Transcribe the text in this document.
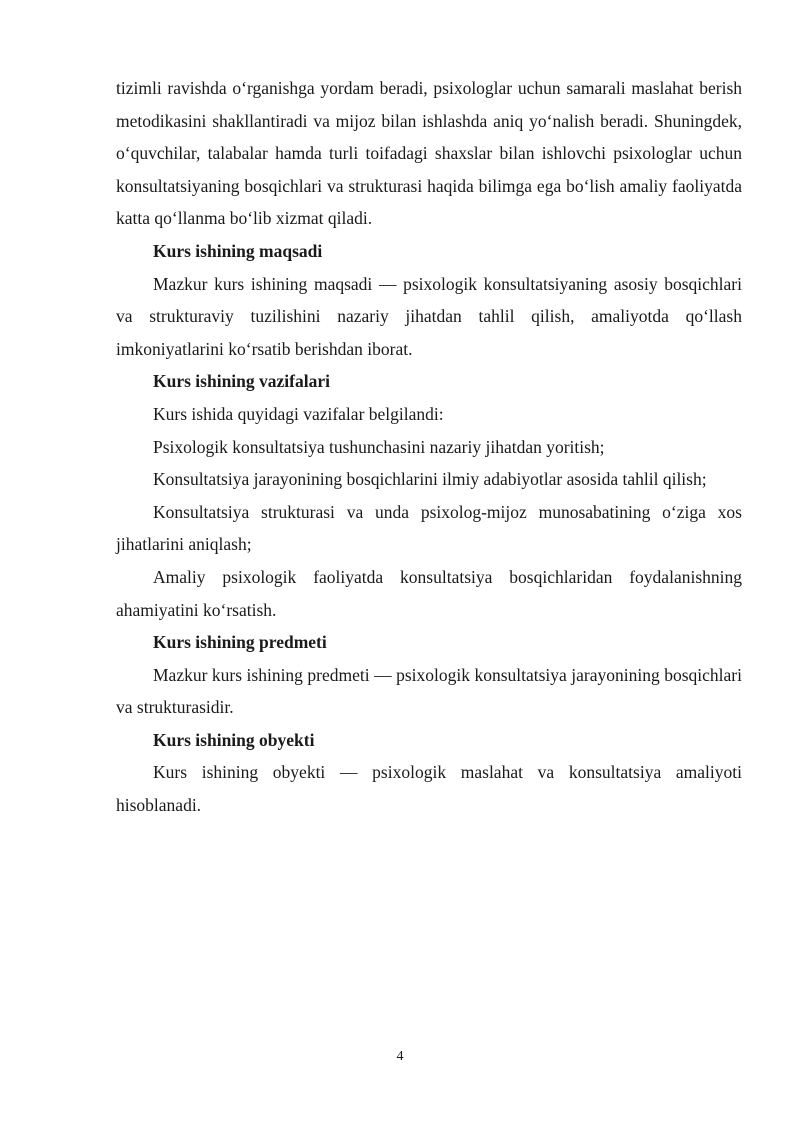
tizimli ravishda o‘rganishga yordam beradi, psixologlar uchun samarali maslahat berish metodikasini shakllantiradi va mijoz bilan ishlashda aniq yo‘nalish beradi. Shuningdek, o‘quvchilar, talabalar hamda turli toifadagi shaxslar bilan ishlovchi psixologlar uchun konsultatsiyaning bosqichlari va strukturasi haqida bilimga ega bo‘lish amaliy faoliyatda katta qo‘llanma bo‘lib xizmat qiladi.

Kurs ishining maqsadi

Mazkur kurs ishining maqsadi — psixologik konsultatsiyaning asosiy bosqichlari va strukturaviy tuzilishini nazariy jihatdan tahlil qilish, amaliyotda qo‘llash imkoniyatlarini ko‘rsatib berishdan iborat.

Kurs ishining vazifalari

Kurs ishida quyidagi vazifalar belgilandi:

Psixologik konsultatsiya tushunchasini nazariy jihatdan yoritish;

Konsultatsiya jarayonining bosqichlarini ilmiy adabiyotlar asosida tahlil qilish;

Konsultatsiya strukturasi va unda psixolog-mijoz munosabatining o‘ziga xos jihatlarini aniqlash;

Amaliy psixologik faoliyatda konsultatsiya bosqichlaridan foydalanishning ahamiyatini ko‘rsatish.

Kurs ishining predmeti

Mazkur kurs ishining predmeti — psixologik konsultatsiya jarayonining bosqichlari va strukturasidir.

Kurs ishining obyekti

Kurs ishining obyekti — psixologik maslahat va konsultatsiya amaliyoti hisoblanadi.

4
